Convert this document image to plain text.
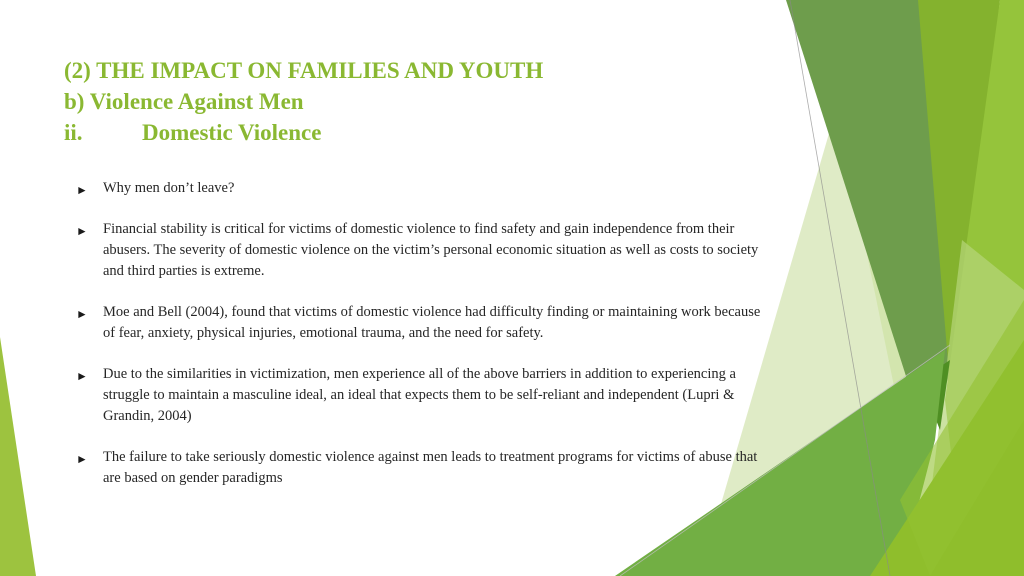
(2) THE IMPACT ON FAMILIES AND YOUTH
b) Violence Against Men
ii.	Domestic Violence
► Why men don’t leave?
► Financial stability is critical for victims of domestic violence to find safety and gain independence from their abusers. The severity of domestic violence on the victim’s personal economic situation as well as costs to society and third parties is extreme.
► Moe and Bell (2004), found that victims of domestic violence had difficulty finding or maintaining work because of fear, anxiety, physical injuries, emotional trauma, and the need for safety.
► Due to the similarities in victimization, men experience all of the above barriers in addition to experiencing a struggle to maintain a masculine ideal, an ideal that expects them to be self-reliant and independent (Lupri & Grandin, 2004)
► The failure to take seriously domestic violence against men leads to treatment programs for victims of abuse that are based on gender paradigms
